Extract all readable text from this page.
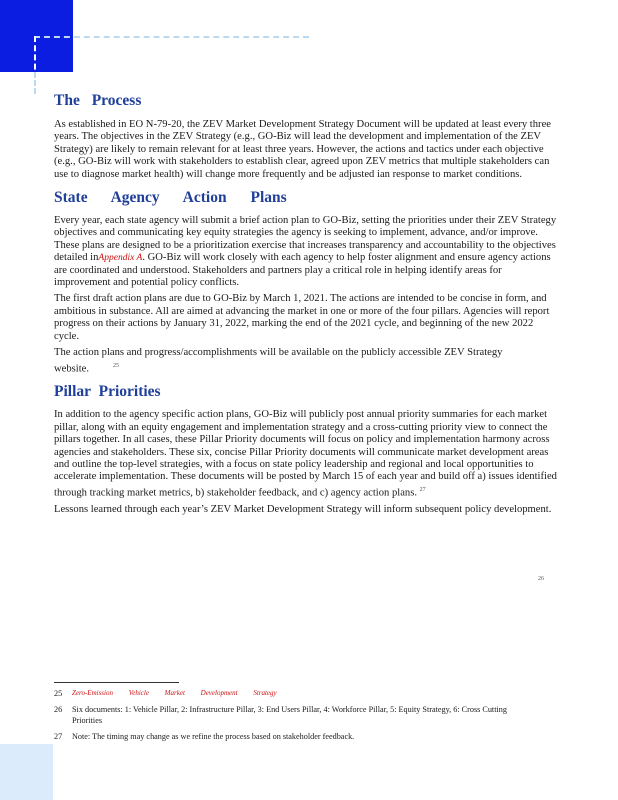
The Process

As established in EO N-79-20, the ZEV Market Development Strategy Document will be updated at least every three years. The objectives in the ZEV Strategy (e.g., GO-Biz will lead the development and implementation of the ZEV Strategy) are likely to remain relevant for at least three years. However, the actions and tactics under each objective (e.g., GO-Biz will work with stakeholders to establish clear, agreed upon ZEV metrics that multiple stakeholders can use to diagnose market health) will change more frequently and be adjusted ian response to market conditions.

State Agency Action Plans

Every year, each state agency will submit a brief action plan to GO-Biz, setting the priorities under their ZEV Strategy objectives and communicating key equity strategies the agency is seeking to implement, advance, and/or improve. These plans are designed to be a prioritization exercise that increases transparency and accountability to the objectives detailed inAppendix A. GO-Biz will work closely with each agency to help foster alignment and ensure agency actions are coordinated and understood. Stakeholders and partners play a critical role in helping identify areas for improvement and potential policy conflicts.

The first draft action plans are due to GO-Biz by March 1, 2021. The actions are intended to be concise in form, and ambitious in substance. All are aimed at advancing the market in one or more of the four pillars. Agencies will report progress on their actions by January 31, 2022, marking the end of the 2021 cycle, and beginning of the new 2022 cycle.

The action plans and progress/accomplishments will be available on the publicly accessible ZEV Strategy website.	$^{25}$

Pillar Priorities

In addition to the agency specific action plans, GO-Biz will publicly post annual priority summaries for each market pillar, along with an equity engagement and implementation strategy and a cross-cutting priority view to connect the pillars together. In all cases, these Pillar Priority documents will focus on policy and implementation harmony across agencies and stakeholders. These six, concise Pillar Priority documents will communicate market development areas and outline the top-level strategies, with a focus on state policy leadership and regional and local opportunities to accelerate implementation. These documents will be posted by March 15 of each year and build off a) issues identified through tracking market metrics, b) stakeholder feedback, and c) agency action plans. $^{27}$

Lessons learned through each year’s ZEV Market Development Strategy will inform subsequent policy development.

26
25	Zero-Emission Vehicle Market Development Strategy
26	Six documents: 1: Vehicle Pillar, 2: Infrastructure Pillar, 3: End Users Pillar, 4: Workforce Pillar, 5: Equity Strategy, 6: Cross Cutting Priorities
27	Note: The timing may change as we refine the process based on stakeholder feedback.
